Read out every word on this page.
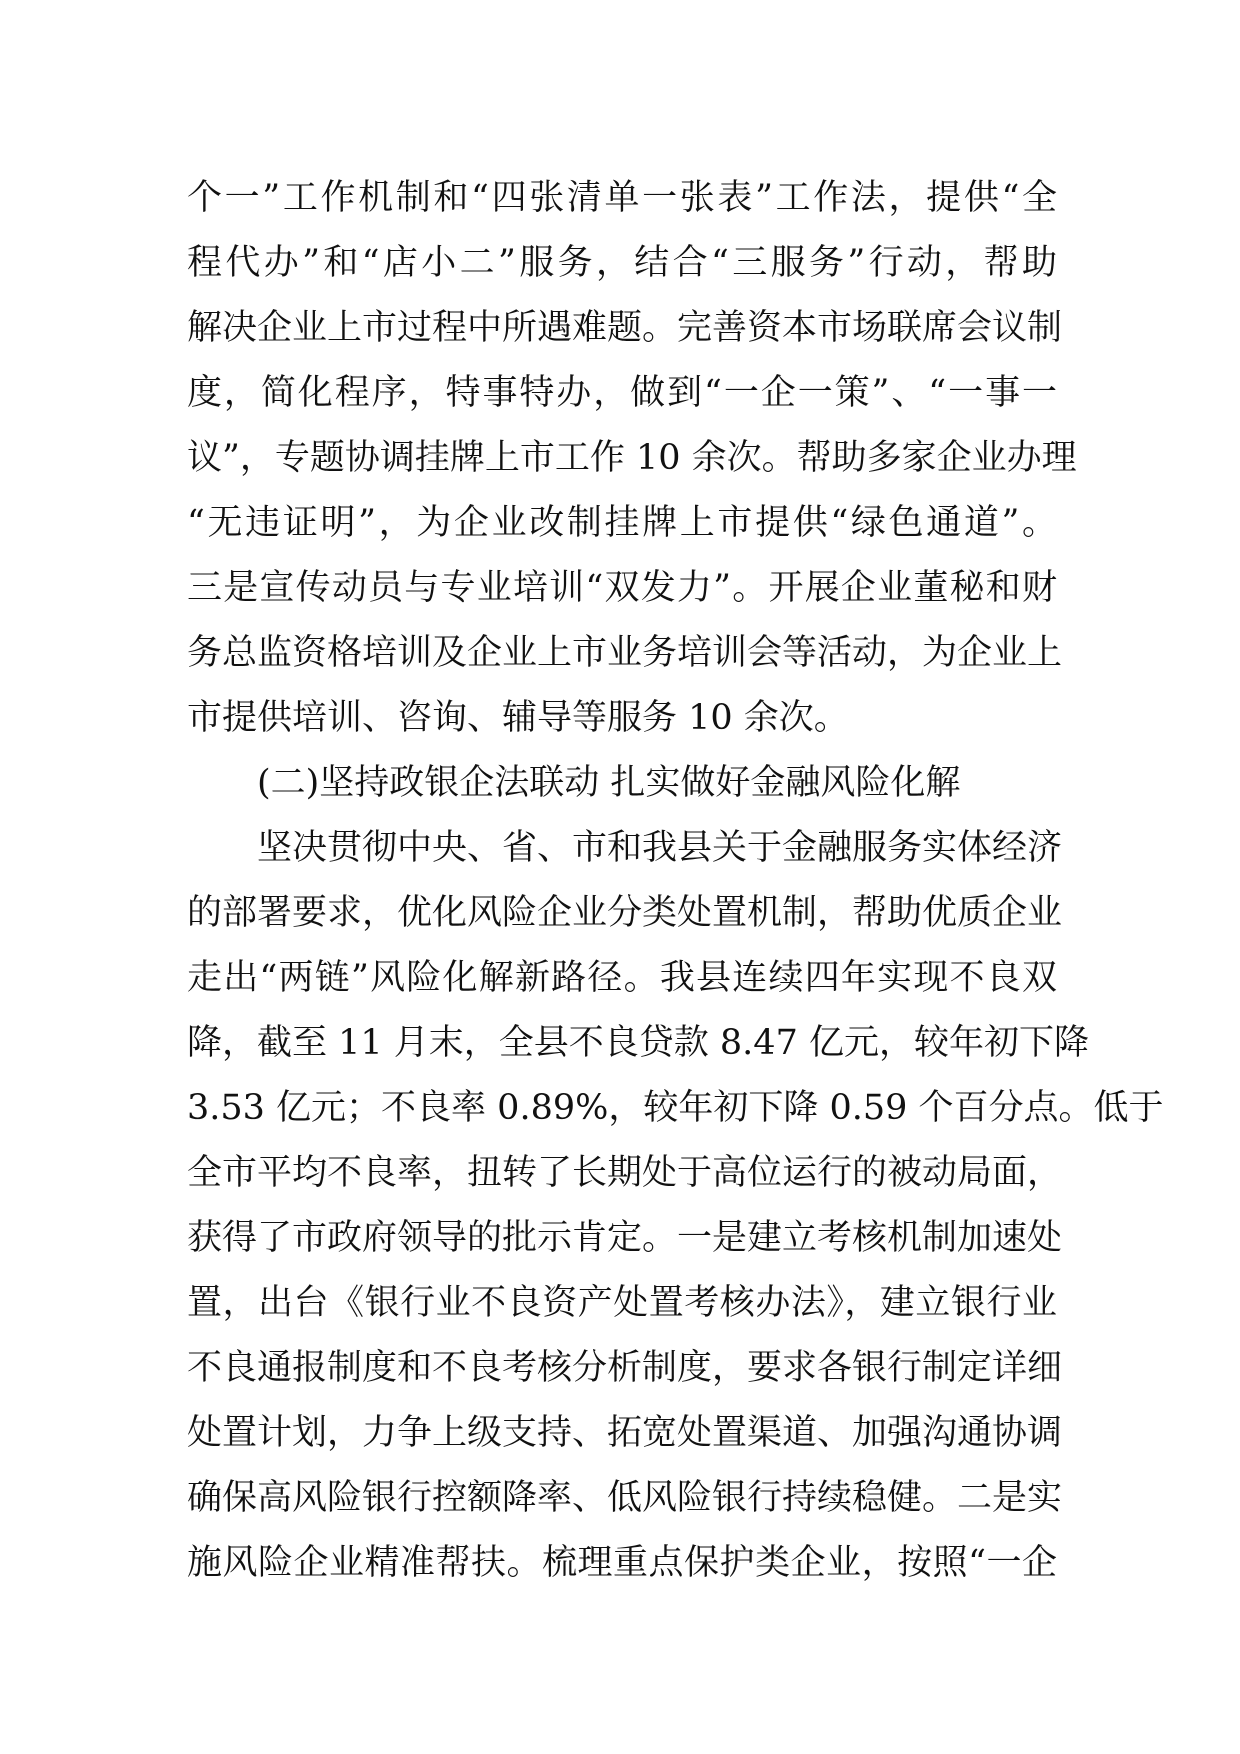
个一”工作机制和“四张清单一张表”工作法，提供“全
程代办”和“店小二”服务，结合“三服务”行动，帮助
解决企业上市过程中所遇难题。完善资本市场联席会议制
度，简化程序，特事特办，做到“一企一策”、“一事一
议”，专题协调挂牌上市工作 10 余次。帮助多家企业办理
“无违证明”，为企业改制挂牌上市提供“绿色通道”。
三是宣传动员与专业培训“双发力”。开展企业董秘和财
务总监资格培训及企业上市业务培训会等活动，为企业上
市提供培训、咨询、辅导等服务 10 余次。
(二)坚持政银企法联动 扎实做好金融风险化解
坚决贯彻中央、省、市和我县关于金融服务实体经济
的部署要求，优化风险企业分类处置机制，帮助优质企业
走出“两链”风险化解新路径。我县连续四年实现不良双
降，截至 11 月末，全县不良贷款 8.47 亿元，较年初下降
3.53 亿元；不良率 0.89%，较年初下降 0.59 个百分点。低于
全市平均不良率，扭转了长期处于高位运行的被动局面，
获得了市政府领导的批示肯定。一是建立考核机制加速处
置，出台《银行业不良资产处置考核办法》，建立银行业
不良通报制度和不良考核分析制度，要求各银行制定详细
处置计划，力争上级支持、拓宽处置渠道、加强沟通协调
确保高风险银行控额降率、低风险银行持续稳健。二是实
施风险企业精准帮扶。梳理重点保护类企业，按照“一企
